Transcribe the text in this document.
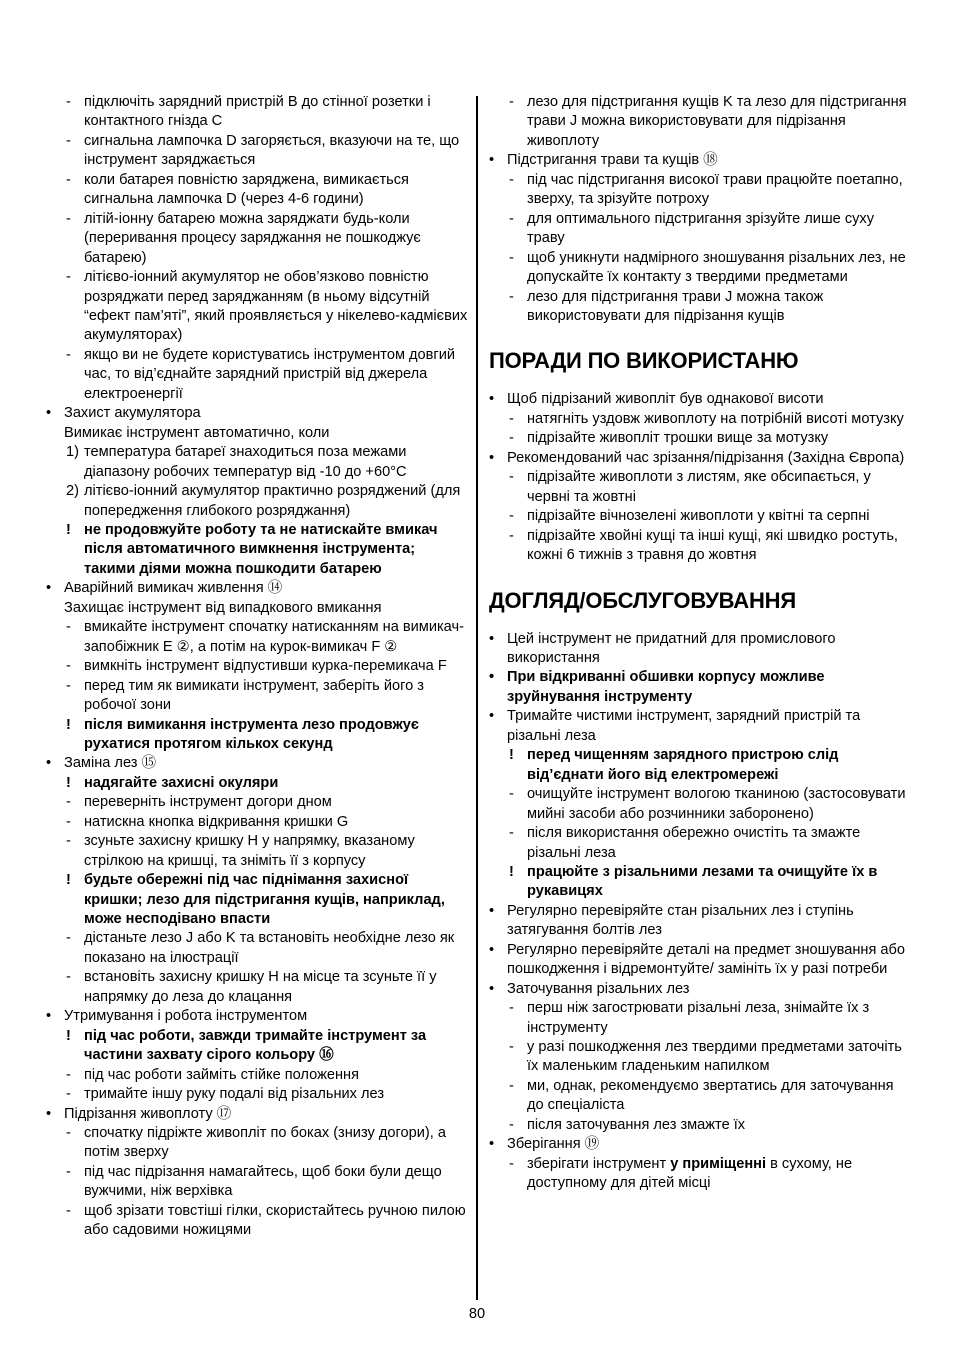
- підключіть зарядний пристрій B до стінної розетки і контактного гнізда C
- сигнальна лампочка D загоряється, вказуючи на те, що інструмент заряджається
- коли батарея повністю заряджена, вимикається сигнальна лампочка D (через 4-6 години)
- літій-іонну батарею можна заряджати будь-коли (переривання процесу заряджання не пошкоджує батарею)
- літієво-іонний акумулятор не обов’язково повністю розряджати перед заряджанням (в ньому відсутній “ефект пам’яті”, який проявляється у нікелево-кадмієвих акумуляторах)
- якщо ви не будете користуватись інструментом довгий час, то від’єднайте зарядний пристрій від джерела електроенергії
• Захист акумулятора
Вимикає інструмент автоматично, коли
1) температура батареї знаходиться поза межами діапазону робочих температур від -10 до +60°C
2) літієво-іонний акумулятор практично розряджений (для попередження глибокого розряджання)
! не продовжуйте роботу та не натискайте вмикач після автоматичного вимкнення інструмента; такими діями можна пошкодити батарею
• Аварійний вимикач живлення ⑭
Захищає інструмент від випадкового вмикання
- вмикайте інструмент спочатку натисканням на вимикач-запобіжник E ②, а потім на курок-вимикач F ②
- вимкніть інструмент відпустивши курка-перемикача F
- перед тим як вимикати інструмент, заберіть його з робочої зони
! після вимикання інструмента лезо продовжує рухатися протягом кількох секунд
• Заміна лез ⑮
! надягайте захисні окуляри
- переверніть інструмент догори дном
- натискна кнопка відкривання кришки G
- зсуньте захисну кришку H у напрямку, вказаному стрілкою на кришці, та зніміть її з корпусу
! будьте обережні під час піднімання захисної кришки; лезо для підстригання кущів, наприклад, може несподівано впасти
- дістаньте лезо J або K та встановіть необхідне лезо як показано на ілюстрації
- встановіть захисну кришку H на місце та зсуньте її у напрямку до леза до клацання
• Утримування і робота інструментом
! під час роботи, завжди тримайте інструмент за частини захвату сірого кольору ⑯
- під час роботи займіть стійке положення
- тримайте іншу руку подалі від різальних лез
• Підрізання живоплоту ⑰
- спочатку підріжте живопліт по боках (знизу догори), а потім зверху
- під час підрізання намагайтесь, щоб боки були дещо вужчими, ніж верхівка
- щоб зрізати товстіші гілки, скористайтесь ручною пилою або садовими ножицями
- лезо для підстригання кущів K та лезо для підстригання трави J можна використовувати для підрізання живоплоту
• Підстригання трави та кущів ⑱
- під час підстригання високої трави працюйте поетапно, зверху, та зрізуйте потроху
- для оптимального підстригання зрізуйте лише суху траву
- щоб уникнути надмірного зношування різальних лез, не допускайте їх контакту з твердими предметами
- лезо для підстригання трави J можна також використовувати для підрізання кущів
ПОРАДИ ПО ВИКОРИСТАНЮ
• Щоб підрізаний живопліт був однакової висоти
- натягніть уздовж живоплоту на потрібній висоті мотузку
- підрізайте живопліт трошки вище за мотузку
• Рекомендований час зрізання/підрізання (Західна Європа)
- підрізайте живоплоти з листям, яке обсипається, у червні та жовтні
- підрізайте вічнозелені живоплоти у квітні та серпні
- підрізайте хвойні кущі та інші кущі, які швидко ростуть, кожні 6 тижнів з травня до жовтня
ДОГЛЯД/ОБСЛУГОВУВАННЯ
• Цей інструмент не придатний для промислового використання
• При відкриванні обшивки корпусу можливе зруйнування інструменту
• Тримайте чистими інструмент, зарядний пристрій та різальні леза
! перед чищенням зарядного пристрою слід від’єднати його від електромережі
- очищуйте інструмент вологою тканиною (застосовувати мийні засоби або розчинники заборонено)
- після використання обережно очистіть та змажте різальні леза
! працюйте з різальними лезами та очищуйте їх в рукавицях
• Регулярно перевіряйте стан різальних лез і ступінь затягування болтів лез
• Регулярно перевіряйте деталі на предмет зношування або пошкодження і відремонтуйте/ замініть їх у разі потреби
• Заточування різальних лез
- перш ніж загострювати різальні леза, знімайте їх з інструменту
- у разі пошкодження лез твердими предметами заточіть їх маленьким гладеньким напилком
- ми, однак, рекомендуємо звертатись для заточування до спеціаліста
- після заточування лез змажте їх
• Зберігання ⑲
- зберігати інструмент у приміщенні в сухому, не доступному для дітей місці
80
